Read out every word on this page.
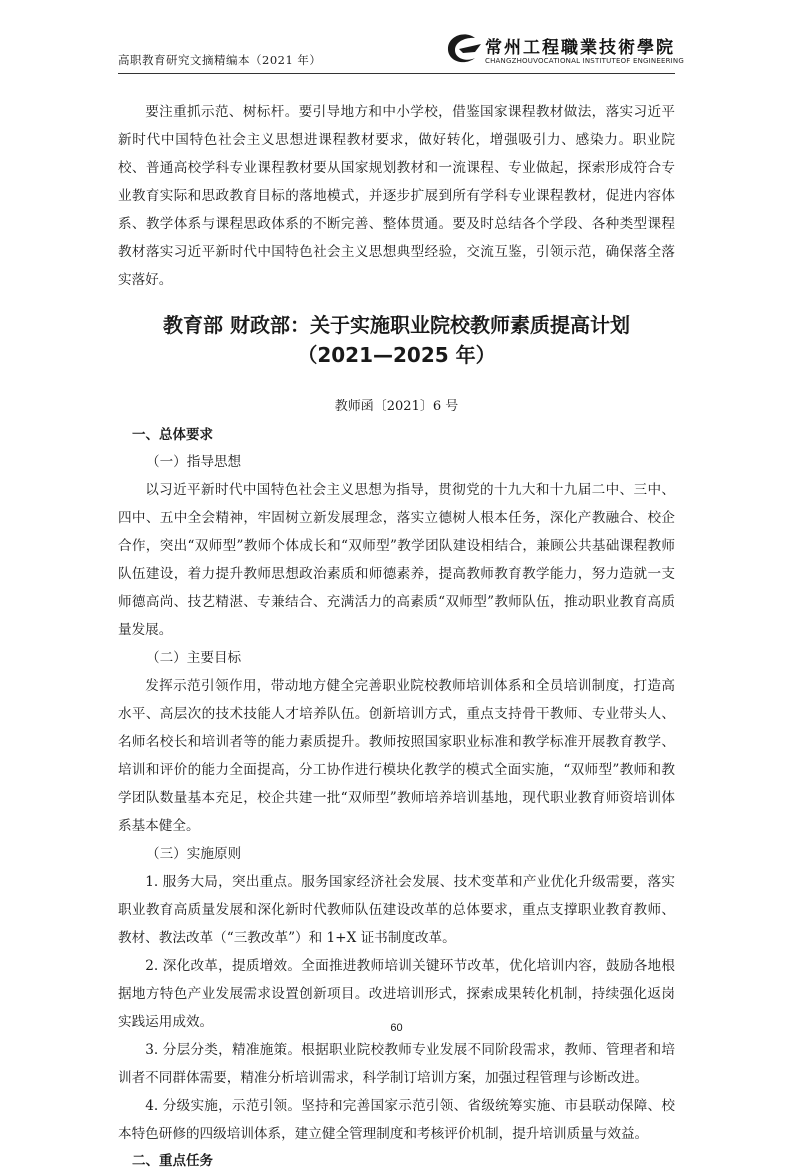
高职教育研究文摘精编本（2021 年）
常州工程職業技術學院
CHANGZHOUVOCATIONAL INSTITUTEOF ENGINEERING

要注重抓示范、树标杆。要引导地方和中小学校，借鉴国家课程教材做法，落实习近平新时代中国特色社会主义思想进课程教材要求，做好转化，增强吸引力、感染力。职业院校、普通高校学科专业课程教材要从国家规划教材和一流课程、专业做起，探索形成符合专业教育实际和思政教育目标的落地模式，并逐步扩展到所有学科专业课程教材，促进内容体系、教学体系与课程思政体系的不断完善、整体贯通。要及时总结各个学段、各种类型课程教材落实习近平新时代中国特色社会主义思想典型经验，交流互鉴，引领示范，确保落全落实落好。

教育部 财政部：关于实施职业院校教师素质提高计划

（2021—2025 年）

教师函〔2021〕6 号

一、总体要求

（一）指导思想

以习近平新时代中国特色社会主义思想为指导，贯彻党的十九大和十九届二中、三中、四中、五中全会精神，牢固树立新发展理念，落实立德树人根本任务，深化产教融合、校企合作，突出“双师型”教师个体成长和“双师型”教学团队建设相结合，兼顾公共基础课程教师队伍建设，着力提升教师思想政治素质和师德素养，提高教师教育教学能力，努力造就一支师德高尚、技艺精湛、专兼结合、充满活力的高素质“双师型”教师队伍，推动职业教育高质量发展。

（二）主要目标

发挥示范引领作用，带动地方健全完善职业院校教师培训体系和全员培训制度，打造高水平、高层次的技术技能人才培养队伍。创新培训方式，重点支持骨干教师、专业带头人、名师名校长和培训者等的能力素质提升。教师按照国家职业标准和教学标准开展教育教学、培训和评价的能力全面提高，分工协作进行模块化教学的模式全面实施，“双师型”教师和教学团队数量基本充足，校企共建一批“双师型”教师培养培训基地，现代职业教育师资培训体系基本健全。

（三）实施原则

1. 服务大局，突出重点。服务国家经济社会发展、技术变革和产业优化升级需要，落实职业教育高质量发展和深化新时代教师队伍建设改革的总体要求，重点支撑职业教育教师、教材、教法改革（“三教改革”）和 1+X 证书制度改革。

2. 深化改革，提质增效。全面推进教师培训关键环节改革，优化培训内容，鼓励各地根据地方特色产业发展需求设置创新项目。改进培训形式，探索成果转化机制，持续强化返岗实践运用成效。

3. 分层分类，精准施策。根据职业院校教师专业发展不同阶段需求，教师、管理者和培训者不同群体需要，精准分析培训需求，科学制订培训方案，加强过程管理与诊断改进。

4. 分级实施，示范引领。坚持和完善国家示范引领、省级统筹实施、市县联动保障、校本特色研修的四级培训体系，建立健全管理制度和考核评价机制，提升培训质量与效益。

二、重点任务

60
